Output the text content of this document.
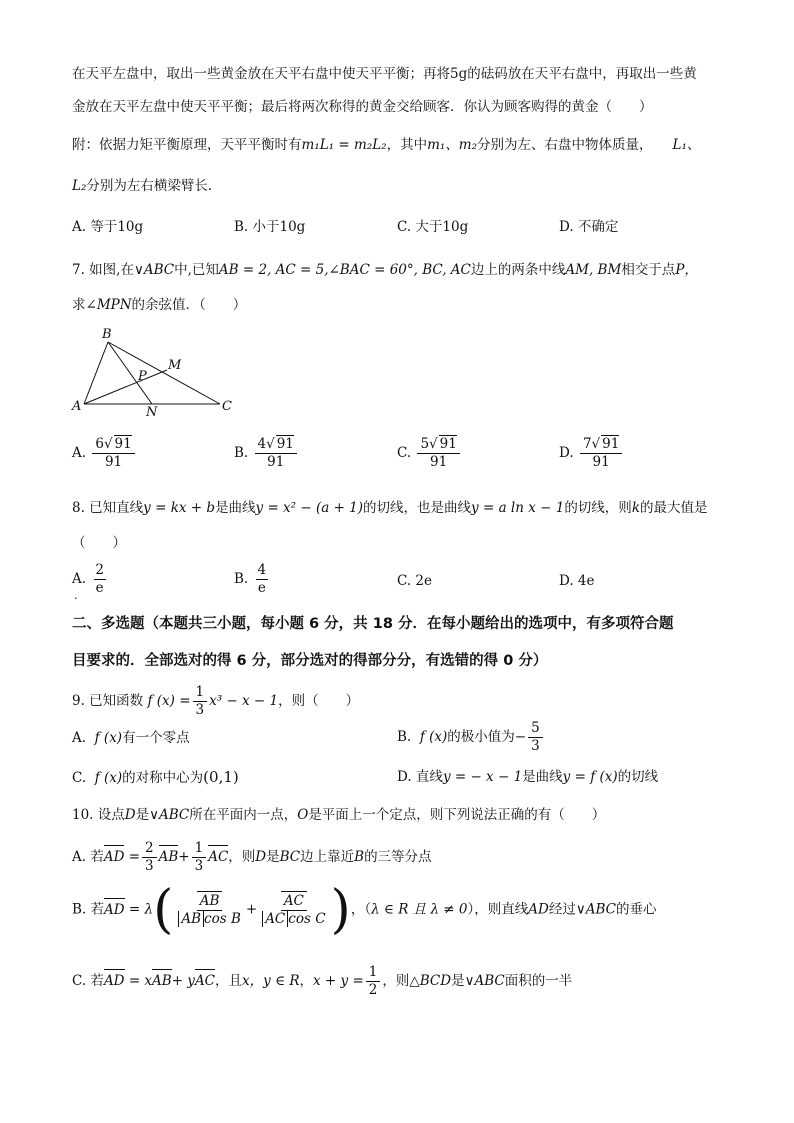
在天平左盘中，取出一些黄金放在天平右盘中使天平平衡；再将5g的砝码放在天平右盘中，再取出一些黄
金放在天平左盘中使天平平衡；最后将两次称得的黄金交给顾客．你认为顾客购得的黄金（　　）
附：依据力矩平衡原理，天平平衡时有m₁L₁ = m₂L₂，其中m₁、m₂分别为左、右盘中物体质量， L₁、
L₂分别为左右横梁臂长．
A. 等于10g	B. 小于10g	C. 大于10g	D. 不确定
7. 如图,在∨ABC中,已知AB = 2, AC = 5,∠BAC = 60°, BC, AC边上的两条中线AM, BM相交于点P，
求∠MPN的余弦值．（　　）
B
M
P
A	N	C
A. $\frac{6√ 91}{91}$	B. $\frac{4√ 91}{91}$	C. $\frac{5√ 91}{91}$	D. $\frac{7√ 91}{91}$
8. 已知直线y = kx + b是曲线y = x² − (a + 1)的切线，也是曲线y = a ln x − 1的切线，则k的最大值是
（　　）
A. $\frac{2}{e}$
.
B. $\frac{4}{e}$	C. 2e	D. 4e
二、多选题（本题共三小题，每小题 6 分，共 18 分．在每小题给出的选项中，有多项符合题
目要求的．全部选对的得 6 分，部分选对的得部分分，有选错的得 0 分）
9. 已知函数 f $(x) = \frac{1}{3} x^3 - x - 1$，则（　　）
A. f (x)有一个零点	B. f (x)的极小值为− $\frac{5}{3}$
C. f (x)的对称中心为(0,1)	D. 直线y = − x − 1是曲线y = f (x)的切线
10. 设点D是∨ABC所在平面内一点，O是平面上一个定点，则下列说法正确的有（　　）
A. 若AD = $\frac{2}{3} AB+ \frac{1}{3}$ AC，则D是BC边上靠近B的三等分点
B. 若AD = $\lambda( \frac{AB}{\text{AB cos B}} + \frac{AC}{\text{AC cos C}}$ )，（λ ∈ R 且 λ ≠ 0），则直线AD经过∨ABC的垂心
C. 若AD = xAB+ yAC，且x，y ∈ R，$x + y = \frac{1}{2}$ ，则△BCD是∨ABC面积的一半
